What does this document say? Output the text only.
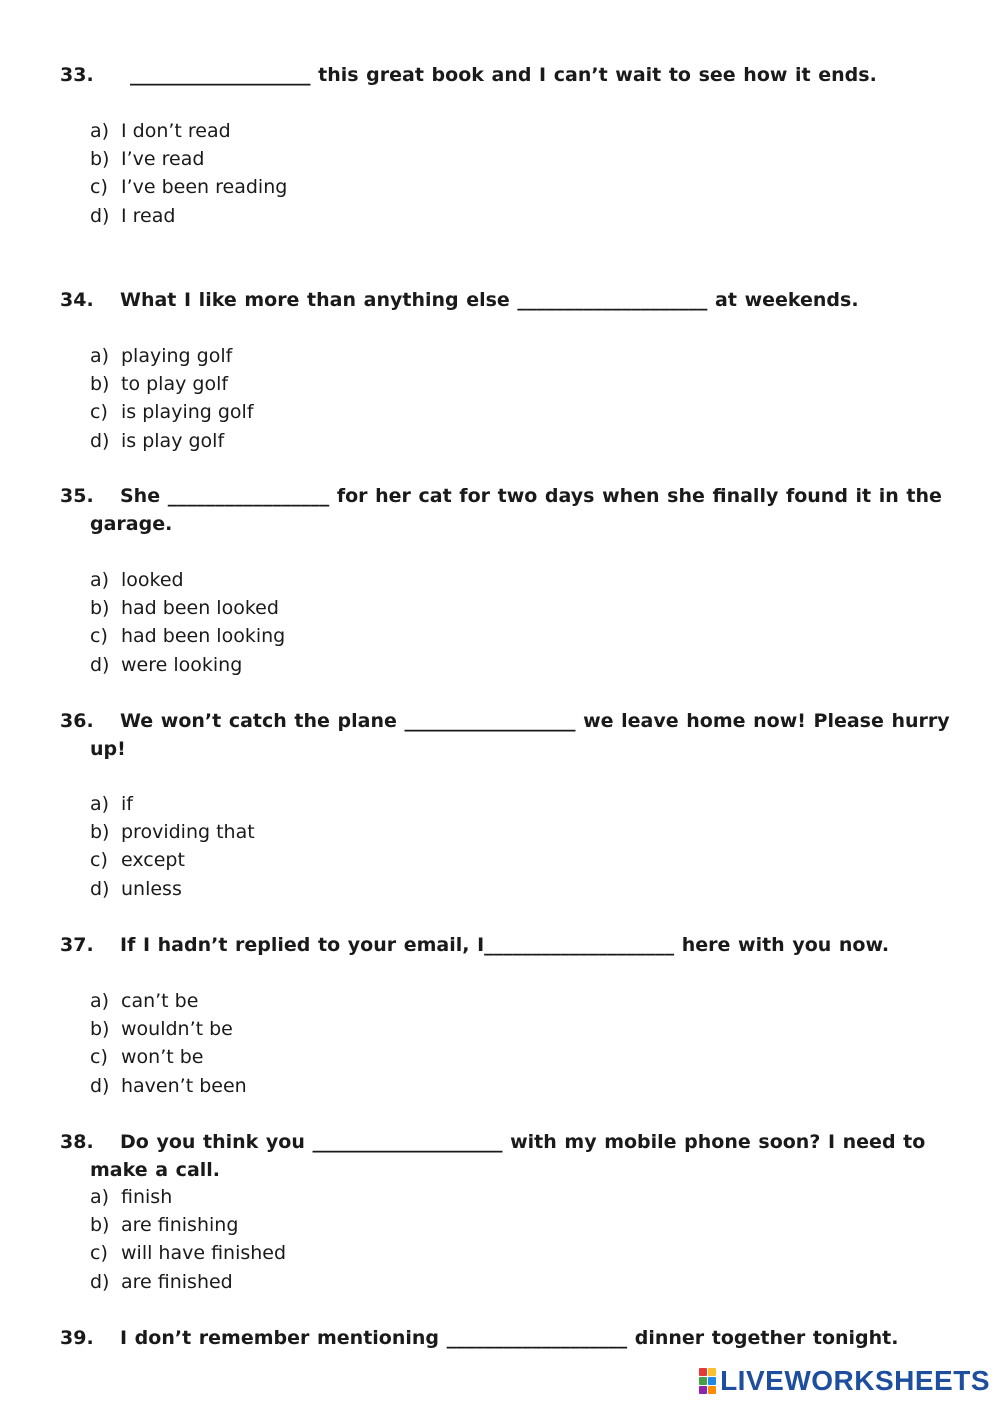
33. ___________________ this great book and I can’t wait to see how it ends.
a) I don’t read
b) I’ve read
c) I’ve been reading
d) I read
34. What I like more than anything else ____________________ at weekends.
a) playing golf
b) to play golf
c) is playing golf
d) is play golf
35. She _________________ for her cat for two days when she finally found it in the garage.
a) looked
b) had been looked
c) had been looking
d) were looking
36. We won’t catch the plane __________________ we leave home now! Please hurry up!
a) if
b) providing that
c) except
d) unless
37. If I hadn’t replied to your email, I____________________ here with you now.
a) can’t be
b) wouldn’t be
c) won’t be
d) haven’t been
38. Do you think you ____________________ with my mobile phone soon? I need to make a call.
a) finish
b) are finishing
c) will have finished
d) are finished
39. I don’t remember mentioning ___________________ dinner together tonight.
LIVEWORKSHEETS
